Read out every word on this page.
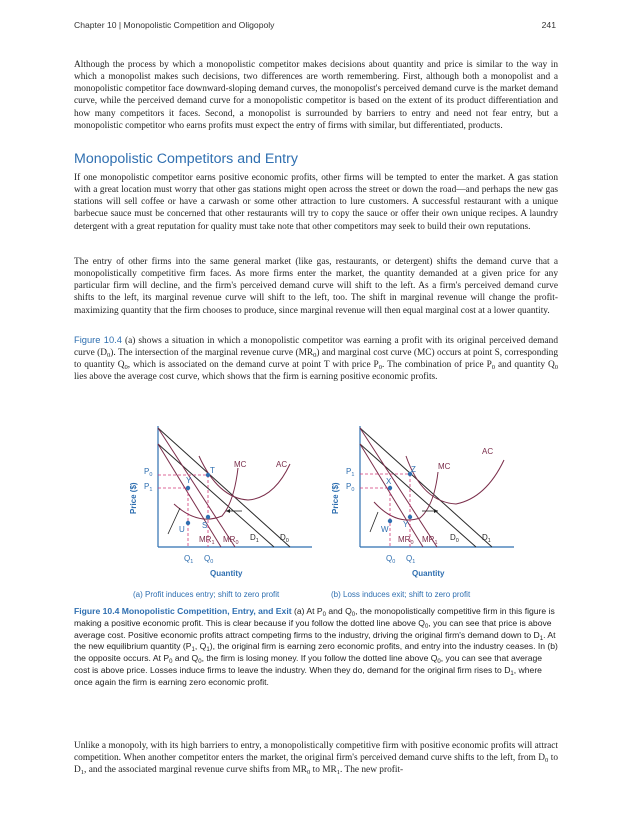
Chapter 10 | Monopolistic Competition and Oligopoly	241

Although the process by which a monopolistic competitor makes decisions about quantity and price is similar to the way in which a monopolist makes such decisions, two differences are worth remembering. First, although both a monopolist and a monopolistic competitor face downward-sloping demand curves, the monopolist's perceived demand curve is the market demand curve, while the perceived demand curve for a monopolistic competitor is based on the extent of its product differentiation and how many competitors it faces. Second, a monopolist is surrounded by barriers to entry and need not fear entry, but a monopolistic competitor who earns profits must expect the entry of firms with similar, but differentiated, products.

Monopolistic Competitors and Entry

If one monopolistic competitor earns positive economic profits, other firms will be tempted to enter the market. A gas station with a great location must worry that other gas stations might open across the street or down the road—and perhaps the new gas stations will sell coffee or have a carwash or some other attraction to lure customers. A successful restaurant with a unique barbecue sauce must be concerned that other restaurants will try to copy the sauce or offer their own unique recipes. A laundry detergent with a great reputation for quality must take note that other competitors may seek to build their own reputations.

The entry of other firms into the same general market (like gas, restaurants, or detergent) shifts the demand curve that a monopolistically competitive firm faces. As more firms enter the market, the quantity demanded at a given price for any particular firm will decline, and the firm's perceived demand curve will shift to the left. As a firm's perceived demand curve shifts to the left, its marginal revenue curve will shift to the left, too. The shift in marginal revenue will change the profit-maximizing quantity that the firm chooses to produce, since marginal revenue will then equal marginal cost at a lower quantity.

Figure 10.4 (a) shows a situation in which a monopolistic competitor was earning a profit with its original perceived demand curve $(D_0)$. The intersection of the marginal revenue curve $(MR_0)$ and marginal cost curve (MC) occurs at point S, corresponding to quantity $Q_0$, which is associated on the demand curve at point T with price $P_0$. The combination of price $P_0$ and quantity $Q_0$ lies above the average cost curve, which shows that the firm is earning positive economic profits.

Price ($)
Quantity
MC	AC
$P_0$
$P_1$
T
Y
S
U
$MR_1$ $MR_0$
$D_1$	$D_0$
$Q_1$ $Q_0$
(a) Profit induces entry; shift to zero profit
Price ($)
Quantity
MC
AC
$P_1$
$P_0$
Z
X
Y
W
$MR_0$ $MR_1$
$D_0$	$D_1$
$Q_0$ $Q_1$
(b) Loss induces exit; shift to zero profit

Figure 10.4 Monopolistic Competition, Entry, and Exit (a) At $P_0$ and $Q_0$, the monopolistically competitive firm in this figure is making a positive economic profit. This is clear because if you follow the dotted line above $Q_0$, you can see that price is above average cost. Positive economic profits attract competing firms to the industry, driving the original firm's demand down to $D_1$. At the new equilibrium quantity ($P_1$, $Q_1$), the original firm is earning zero economic profits, and entry into the industry ceases. In (b) the opposite occurs. At $P_0$ and $Q_0$, the firm is losing money. If you follow the dotted line above $Q_0$, you can see that average cost is above price. Losses induce firms to leave the industry. When they do, demand for the original firm rises to $D_1$, where once again the firm is earning zero economic profit.

Unlike a monopoly, with its high barriers to entry, a monopolistically competitive firm with positive economic profits will attract competition. When another competitor enters the market, the original firm's perceived demand curve shifts to the left, from $D_0$ to $D_1$, and the associated marginal revenue curve shifts from $MR_0$ to $MR_1$. The new profit-
